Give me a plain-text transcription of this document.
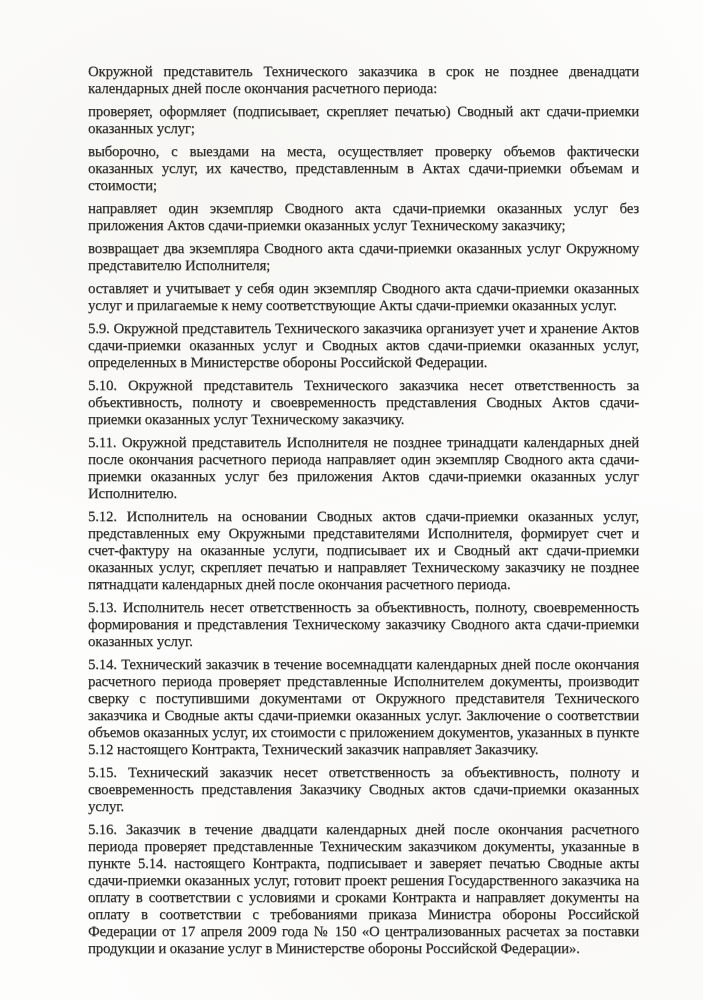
Окружной представитель Технического заказчика в срок не позднее двенадцати календарных дней после окончания расчетного периода:

проверяет, оформляет (подписывает, скрепляет печатью) Сводный акт сдачи-приемки оказанных услуг;

выборочно, с выездами на места, осуществляет проверку объемов фактически оказанных услуг, их качество, представленным в Актах сдачи-приемки объемам и стоимости;

направляет один экземпляр Сводного акта сдачи-приемки оказанных услуг без приложения Актов сдачи-приемки оказанных услуг Техническому заказчику;

возвращает два экземпляра Сводного акта сдачи-приемки оказанных услуг Окружному представителю Исполнителя;

оставляет и учитывает у себя один экземпляр Сводного акта сдачи-приемки оказанных услуг и прилагаемые к нему соответствующие Акты сдачи-приемки оказанных услуг.

5.9. Окружной представитель Технического заказчика организует учет и хранение Актов сдачи-приемки оказанных услуг и Сводных актов сдачи-приемки оказанных услуг, определенных в Министерстве обороны Российской Федерации.

5.10. Окружной представитель Технического заказчика несет ответственность за объективность, полноту и своевременность представления Сводных Актов сдачи-приемки оказанных услуг Техническому заказчику.

5.11. Окружной представитель Исполнителя не позднее тринадцати календарных дней после окончания расчетного периода направляет один экземпляр Сводного акта сдачи-приемки оказанных услуг без приложения Актов сдачи-приемки оказанных услуг Исполнителю.

5.12. Исполнитель на основании Сводных актов сдачи-приемки оказанных услуг, представленных ему Окружными представителями Исполнителя, формирует счет и счет-фактуру на оказанные услуги, подписывает их и Сводный акт сдачи-приемки оказанных услуг, скрепляет печатью и направляет Техническому заказчику не позднее пятнадцати календарных дней после окончания расчетного периода.

5.13. Исполнитель несет ответственность за объективность, полноту, своевременность формирования и представления Техническому заказчику Сводного акта сдачи-приемки оказанных услуг.

5.14. Технический заказчик в течение восемнадцати календарных дней после окончания расчетного периода проверяет представленные Исполнителем документы, производит сверку с поступившими документами от Окружного представителя Технического заказчика и Сводные акты сдачи-приемки оказанных услуг. Заключение о соответствии объемов оказанных услуг, их стоимости с приложением документов, указанных в пункте 5.12 настоящего Контракта, Технический заказчик направляет Заказчику.

5.15. Технический заказчик несет ответственность за объективность, полноту и своевременность представления Заказчику Сводных актов сдачи-приемки оказанных услуг.

5.16. Заказчик в течение двадцати календарных дней после окончания расчетного периода проверяет представленные Техническим заказчиком документы, указанные в пункте 5.14. настоящего Контракта, подписывает и заверяет печатью Сводные акты сдачи-приемки оказанных услуг, готовит проект решения Государственного заказчика на оплату в соответствии с условиями и сроками Контракта и направляет документы на оплату в соответствии с требованиями приказа Министра обороны Российской Федерации от 17 апреля 2009 года № 150 «О централизованных расчетах за поставки продукции и оказание услуг в Министерстве обороны Российской Федерации».
